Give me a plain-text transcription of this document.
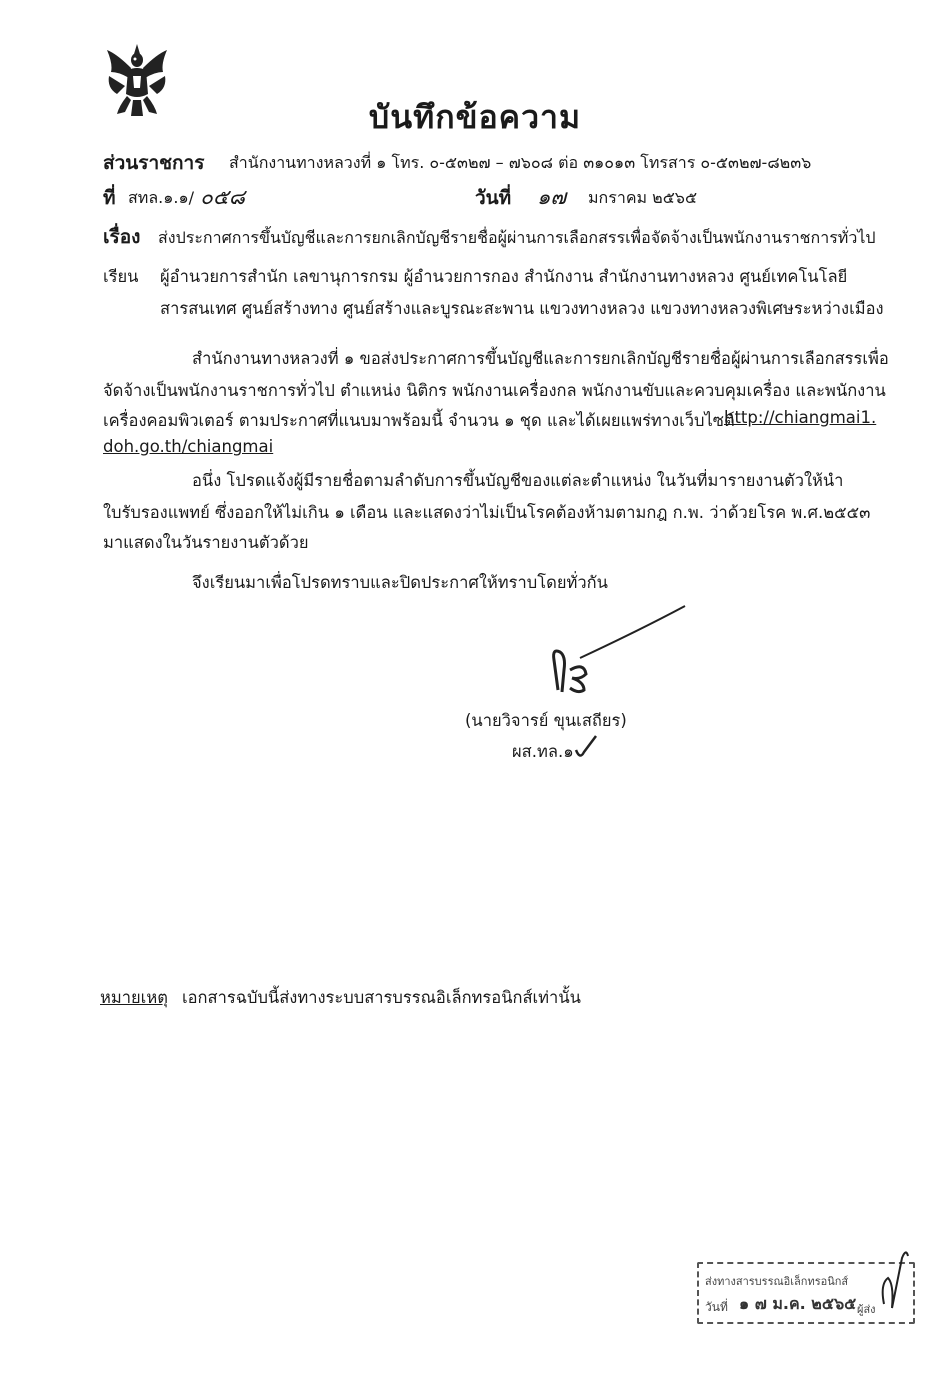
บันทึกข้อความ
ส่วนราชการ สำนักงานทางหลวงที่ ๑ โทร. ๐-๕๓๒๗ – ๗๖๐๘ ต่อ ๓๑๐๑๓ โทรสาร ๐-๕๓๒๗-๘๒๓๖
ที่ สทล.๑.๑/ ๐๕๘	วันที่ ๑๗ มกราคม ๒๕๖๕
เรื่อง ส่งประกาศการขึ้นบัญชีและการยกเลิกบัญชีรายชื่อผู้ผ่านการเลือกสรรเพื่อจัดจ้างเป็นพนักงานราชการทั่วไป
เรียน ผู้อำนวยการสำนัก เลขานุการกรม ผู้อำนวยการกอง สำนักงาน สำนักงานทางหลวง ศูนย์เทคโนโลยี
สารสนเทศ ศูนย์สร้างทาง ศูนย์สร้างและบูรณะสะพาน แขวงทางหลวง แขวงทางหลวงพิเศษระหว่างเมือง
สำนักงานทางหลวงที่ ๑ ขอส่งประกาศการขึ้นบัญชีและการยกเลิกบัญชีรายชื่อผู้ผ่านการเลือกสรรเพื่อ
จัดจ้างเป็นพนักงานราชการทั่วไป ตำแหน่ง นิติกร พนักงานเครื่องกล พนักงานขับและควบคุมเครื่อง และพนักงาน
เครื่องคอมพิวเตอร์ ตามประกาศที่แนบมาพร้อมนี้ จำนวน ๑ ชุด และได้เผยแพร่ทางเว็บไซต์
http://chiangmai1.
doh.go.th/chiangmai
อนึ่ง โปรดแจ้งผู้มีรายชื่อตามลำดับการขึ้นบัญชีของแต่ละตำแหน่ง ในวันที่มารายงานตัวให้นำ
ใบรับรองแพทย์ ซึ่งออกให้ไม่เกิน ๑ เดือน และแสดงว่าไม่เป็นโรคต้องห้ามตามกฎ ก.พ. ว่าด้วยโรค พ.ศ.๒๕๕๓
มาแสดงในวันรายงานตัวด้วย
จึงเรียนมาเพื่อโปรดทราบและปิดประกาศให้ทราบโดยทั่วกัน
(นายวิจารย์ ขุนเสถียร)
ผส.ทล.๑
หมายเหตุ เอกสารฉบับนี้ส่งทางระบบสารบรรณอิเล็กทรอนิกส์เท่านั้น
ส่งทางสารบรรณอิเล็กทรอนิกส์
วันที่ ๑ ๗ ม.ค. ๒๕๖๕ ผู้ส่ง
